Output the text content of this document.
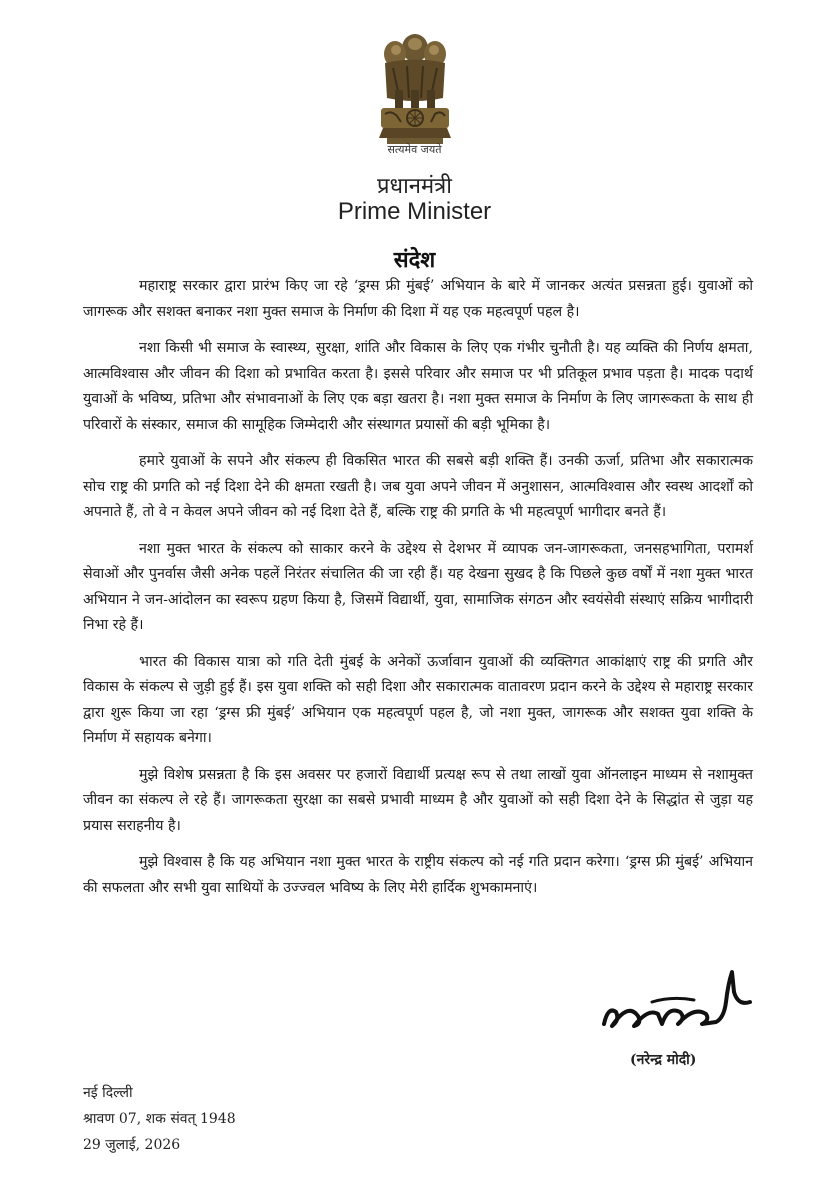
सत्यमेव जयते
प्रधानमंत्री
Prime Minister
संदेश

महाराष्ट्र सरकार द्वारा प्रारंभ किए जा रहे ‘ड्रग्स फ्री मुंबई’ अभियान के बारे में जानकर अत्यंत प्रसन्नता हुई। युवाओं को जागरूक और सशक्त बनाकर नशा मुक्त समाज के निर्माण की दिशा में यह एक महत्वपूर्ण पहल है।

नशा किसी भी समाज के स्वास्थ्य, सुरक्षा, शांति और विकास के लिए एक गंभीर चुनौती है। यह व्यक्ति की निर्णय क्षमता, आत्मविश्वास और जीवन की दिशा को प्रभावित करता है। इससे परिवार और समाज पर भी प्रतिकूल प्रभाव पड़ता है। मादक पदार्थ युवाओं के भविष्य, प्रतिभा और संभावनाओं के लिए एक बड़ा खतरा है। नशा मुक्त समाज के निर्माण के लिए जागरूकता के साथ ही परिवारों के संस्कार, समाज की सामूहिक जिम्मेदारी और संस्थागत प्रयासों की बड़ी भूमिका है।

हमारे युवाओं के सपने और संकल्प ही विकसित भारत की सबसे बड़ी शक्ति हैं। उनकी ऊर्जा, प्रतिभा और सकारात्मक सोच राष्ट्र की प्रगति को नई दिशा देने की क्षमता रखती है। जब युवा अपने जीवन में अनुशासन, आत्मविश्वास और स्वस्थ आदर्शों को अपनाते हैं, तो वे न केवल अपने जीवन को नई दिशा देते हैं, बल्कि राष्ट्र की प्रगति के भी महत्वपूर्ण भागीदार बनते हैं।

नशा मुक्त भारत के संकल्प को साकार करने के उद्देश्य से देशभर में व्यापक जन-जागरूकता, जनसहभागिता, परामर्श सेवाओं और पुनर्वास जैसी अनेक पहलें निरंतर संचालित की जा रही हैं। यह देखना सुखद है कि पिछले कुछ वर्षों में नशा मुक्त भारत अभियान ने जन-आंदोलन का स्वरूप ग्रहण किया है, जिसमें विद्यार्थी, युवा, सामाजिक संगठन और स्वयंसेवी संस्थाएं सक्रिय भागीदारी निभा रहे हैं।

भारत की विकास यात्रा को गति देती मुंबई के अनेकों ऊर्जावान युवाओं की व्यक्तिगत आकांक्षाएं राष्ट्र की प्रगति और विकास के संकल्प से जुड़ी हुई हैं। इस युवा शक्ति को सही दिशा और सकारात्मक वातावरण प्रदान करने के उद्देश्य से महाराष्ट्र सरकार द्वारा शुरू किया जा रहा ‘ड्रग्स फ्री मुंबई’ अभियान एक महत्वपूर्ण पहल है, जो नशा मुक्त, जागरूक और सशक्त युवा शक्ति के निर्माण में सहायक बनेगा।

मुझे विशेष प्रसन्नता है कि इस अवसर पर हजारों विद्यार्थी प्रत्यक्ष रूप से तथा लाखों युवा ऑनलाइन माध्यम से नशामुक्त जीवन का संकल्प ले रहे हैं। जागरूकता सुरक्षा का सबसे प्रभावी माध्यम है और युवाओं को सही दिशा देने के सिद्धांत से जुड़ा यह प्रयास सराहनीय है।

मुझे विश्वास है कि यह अभियान नशा मुक्त भारत के राष्ट्रीय संकल्प को नई गति प्रदान करेगा। ‘ड्रग्स फ्री मुंबई’ अभियान की सफलता और सभी युवा साथियों के उज्ज्वल भविष्य के लिए मेरी हार्दिक शुभकामनाएं।

(नरेन्द्र मोदी)
नई दिल्ली
श्रावण 07, शक संवत् 1948
29 जुलाई, 2026
